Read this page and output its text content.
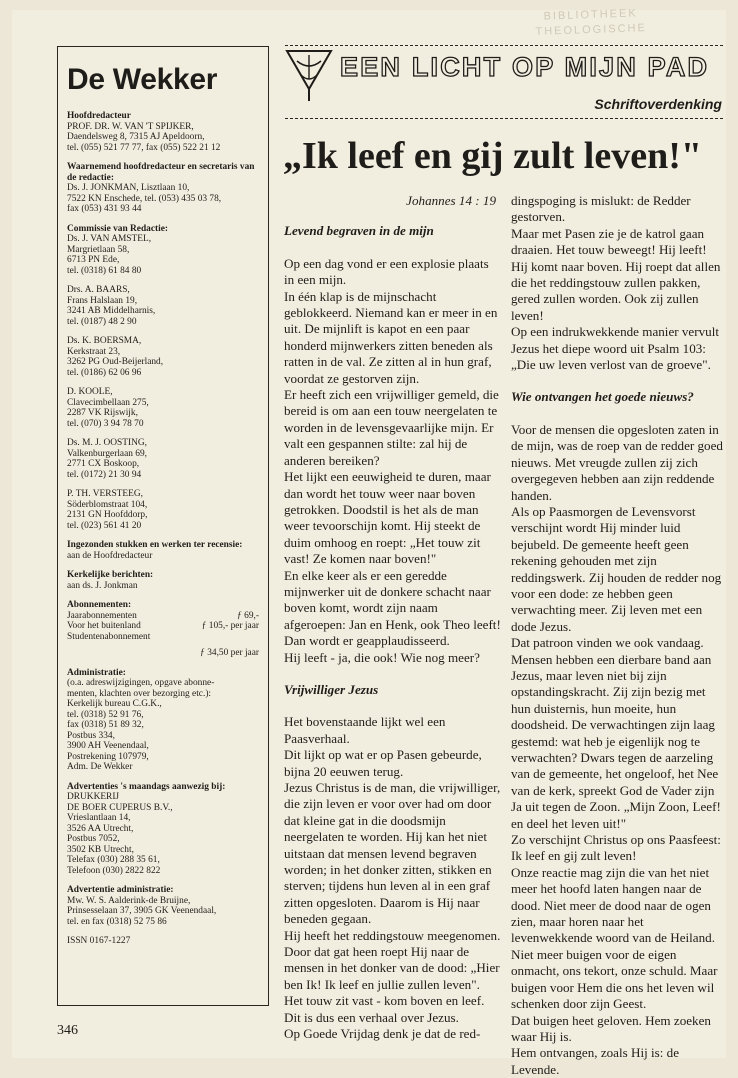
BIBLIOTHEEK
THEOLOGISCHE
De Wekker
Hoofdredacteur
PROF. DR. W. VAN 'T SPIJKER,
Daendelsweg 8, 7315 AJ Apeldoorn,
tel. (055) 521 77 77, fax (055) 522 21 12
Waarnemend hoofdredacteur en secretaris van de redactie:
Ds. J. JONKMAN, Lisztlaan 10,
7522 KN Enschede, tel. (053) 435 03 78,
fax (053) 431 93 44
Commissie van Redactie:
Ds. J. VAN AMSTEL,
Margrietlaan 58,
6713 PN Ede,
tel. (0318) 61 84 80
Drs. A. BAARS,
Frans Halslaan 19,
3241 AB Middelharnis,
tel. (0187) 48 2 90
Ds. K. BOERSMA,
Kerkstraat 23,
3262 PG Oud-Beijerland,
tel. (0186) 62 06 96
D. KOOLE,
Clavecimbellaan 275,
2287 VK Rijswijk,
tel. (070) 3 94 78 70
Ds. M. J. OOSTING,
Valkenburgerlaan 69,
2771 CX Boskoop,
tel. (0172) 21 30 94
P. TH. VERSTEEG,
Söderblomstraat 104,
2131 GN Hoofddorp,
tel. (023) 561 41 20
Ingezonden stukken en werken ter recensie:
aan de Hoofdredacteur
Kerkelijke berichten:
aan ds. J. Jonkman
Abonnementen:
Jaarabonnementen	ƒ 69,-
Voor het buitenland	ƒ 105,- per jaar
Studentenabonnement
ƒ 34,50 per jaar
Administratie:
(o.a. adreswijzigingen, opgave abonne-
menten, klachten over bezorging etc.):
Kerkelijk bureau C.G.K.,
tel. (0318) 52 91 76,
fax (0318) 51 89 32,
Postbus 334,
3900 AH Veenendaal,
Postrekening 107979,
Adm. De Wekker
Advertenties 's maandags aanwezig bij:
DRUKKERIJ
DE BOER CUPERUS B.V.,
Vrieslantlaan 14,
3526 AA Utrecht,
Postbus 7052,
3502 KB Utrecht,
Telefax (030) 288 35 61,
Telefoon (030) 2822 822
Advertentie administratie:
Mw. W. S. Aalderink-de Bruijne,
Prinsesselaan 37, 3905 GK Veenendaal,
tel. en fax (0318) 52 75 86
ISSN 0167-1227
346
EEN LICHT OP MIJN PAD
Schriftoverdenking
„Ik leef en gij zult leven!"
Johannes 14 : 19
Levend begraven in de mijn

Op een dag vond er een explosie plaats in een mijn.

In één klap is de mijnschacht geblokkeerd. Niemand kan er meer in en uit. De mijnlift is kapot en een paar honderd mijnwerkers zitten beneden als ratten in de val. Ze zitten al in hun graf, voordat ze gestorven zijn.

Er heeft zich een vrijwilliger gemeld, die bereid is om aan een touw neergelaten te worden in de levensgevaarlijke mijn. Er valt een gespannen stilte: zal hij de anderen bereiken?

Het lijkt een eeuwigheid te duren, maar dan wordt het touw weer naar boven getrokken. Doodstil is het als de man weer tevoorschijn komt. Hij steekt de duim omhoog en roept: „Het touw zit vast! Ze komen naar boven!"

En elke keer als er een geredde mijnwerker uit de donkere schacht naar boven komt, wordt zijn naam afgeroepen: Jan en Henk, ook Theo leeft!

Dan wordt er geapplaudisseerd.

Hij leeft - ja, die ook! Wie nog meer?

Vrijwilliger Jezus

Het bovenstaande lijkt wel een Paasverhaal.

Dit lijkt op wat er op Pasen gebeurde, bijna 20 eeuwen terug.

Jezus Christus is de man, die vrijwilliger, die zijn leven er voor over had om door dat kleine gat in die doodsmijn neergelaten te worden. Hij kan het niet uitstaan dat mensen levend begraven worden; in het donker zitten, stikken en sterven; tijdens hun leven al in een graf zitten opgesloten. Daarom is Hij naar beneden gegaan.

Hij heeft het reddingstouw meegenomen. Door dat gat heen roept Hij naar de mensen in het donker van de dood: „Hier ben Ik! Ik leef en jullie zullen leven".

Het touw zit vast - kom boven en leef. Dit is dus een verhaal over Jezus.

Op Goede Vrijdag denk je dat de red-

dingspoging is mislukt: de Redder gestorven.

Maar met Pasen zie je de katrol gaan draaien. Het touw beweegt! Hij leeft! Hij komt naar boven. Hij roept dat allen die het reddingstouw zullen pakken, gered zullen worden. Ook zij zullen leven!

Op een indrukwekkende manier vervult Jezus het diepe woord uit Psalm 103: „Die uw leven verlost van de groeve".

Wie ontvangen het goede nieuws?

Voor de mensen die opgesloten zaten in de mijn, was de roep van de redder goed nieuws. Met vreugde zullen zij zich overgegeven hebben aan zijn reddende handen.

Als op Paasmorgen de Levensvorst verschijnt wordt Hij minder luid bejubeld. De gemeente heeft geen rekening gehouden met zijn reddingswerk. Zij houden de redder nog voor een dode: ze hebben geen verwachting meer. Zij leven met een dode Jezus.

Dat patroon vinden we ook vandaag. Mensen hebben een dierbare band aan Jezus, maar leven niet bij zijn opstandingskracht. Zij zijn bezig met hun duisternis, hun moeite, hun doodsheid. De verwachtingen zijn laag gestemd: wat heb je eigenlijk nog te verwachten? Dwars tegen de aarzeling van de gemeente, het ongeloof, het Nee van de kerk, spreekt God de Vader zijn Ja uit tegen de Zoon. „Mijn Zoon, Leef! en deel het leven uit!"

Zo verschijnt Christus op ons Paasfeest: Ik leef en gij zult leven!

Onze reactie mag zijn die van het niet meer het hoofd laten hangen naar de dood. Niet meer de dood naar de ogen zien, maar horen naar het levenwekkende woord van de Heiland. Niet meer buigen voor de eigen onmacht, ons tekort, onze schuld. Maar buigen voor Hem die ons het leven wil schenken door zijn Geest.

Dat buigen heet geloven. Hem zoeken waar Hij is.

Hem ontvangen, zoals Hij is: de Levende.
